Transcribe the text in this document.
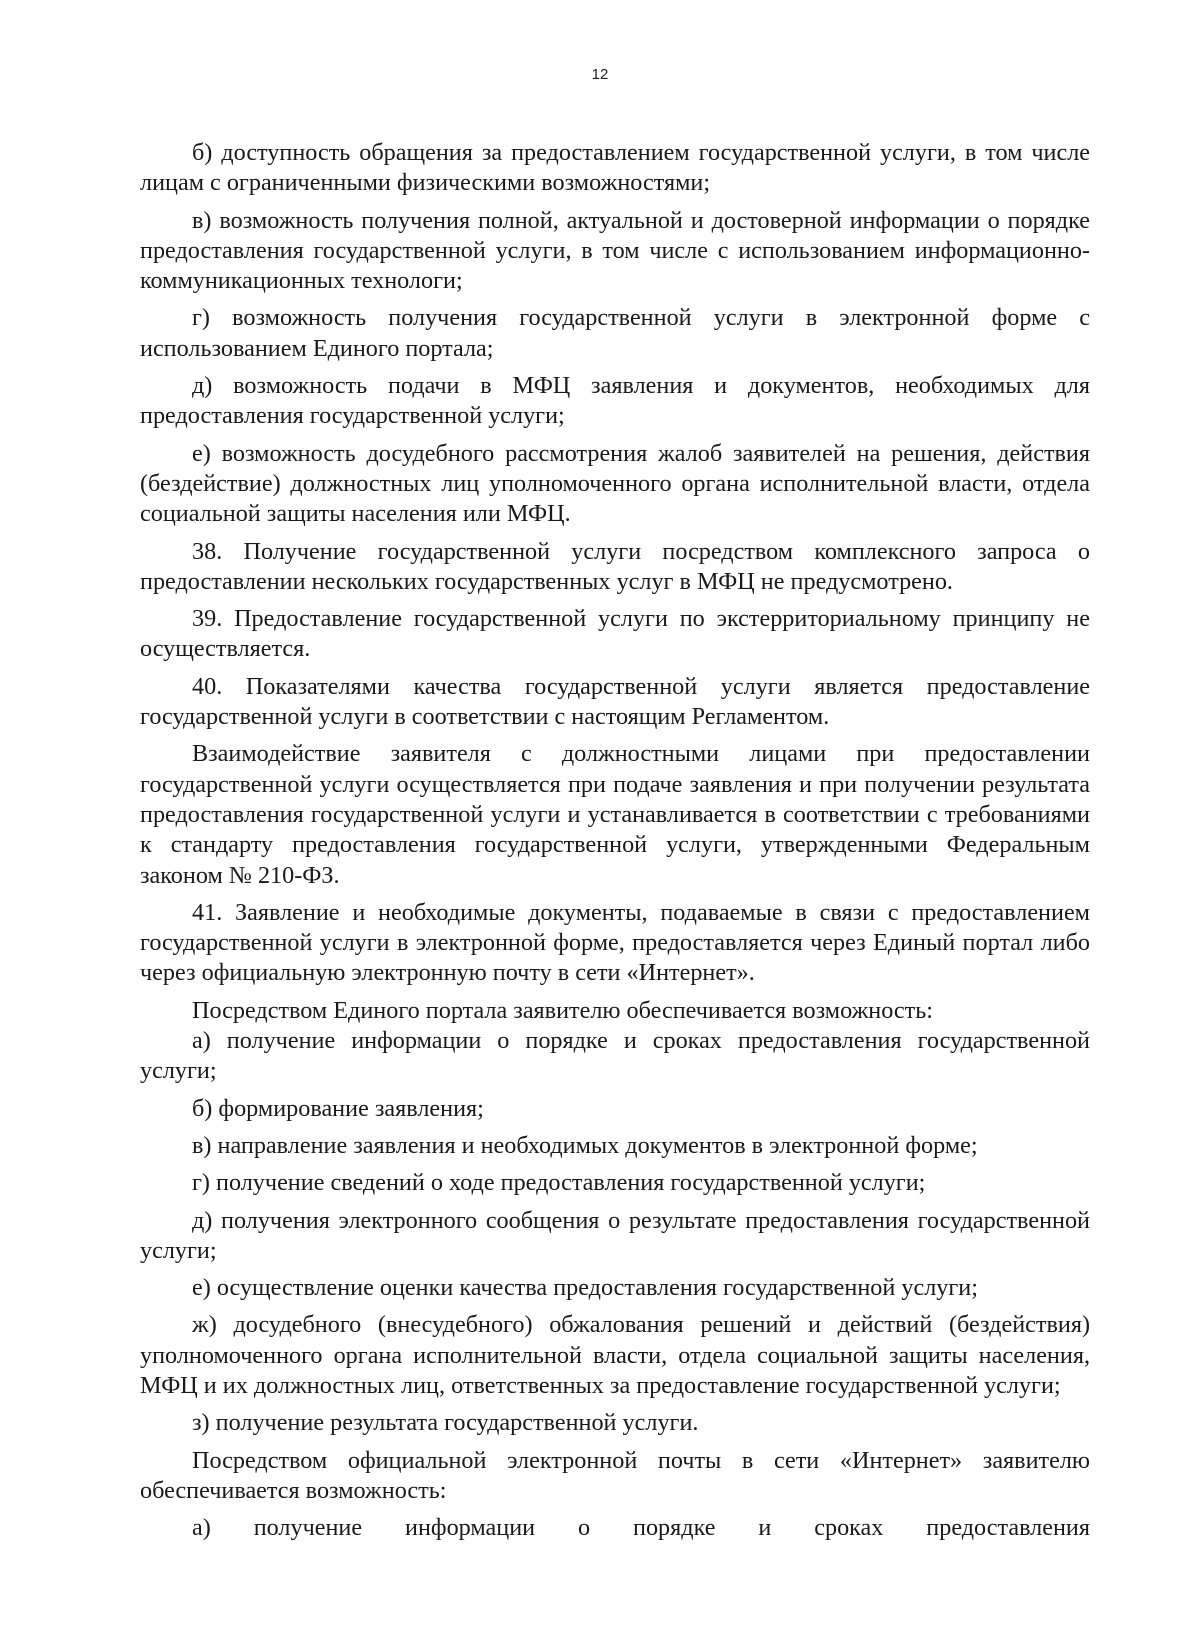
12

б) доступность обращения за предоставлением государственной услуги, в том числе лицам с ограниченными физическими возможностями;

в) возможность получения полной, актуальной и достоверной информации о порядке предоставления государственной услуги, в том числе с использованием информационно-коммуникационных технологи;

г) возможность получения государственной услуги в электронной форме с использованием Единого портала;

д) возможность подачи в МФЦ заявления и документов, необходимых для предоставления государственной услуги;

е) возможность досудебного рассмотрения жалоб заявителей на решения, действия (бездействие) должностных лиц уполномоченного органа исполнительной власти, отдела социальной защиты населения или МФЦ.

38. Получение государственной услуги посредством комплексного запроса о предоставлении нескольких государственных услуг в МФЦ не предусмотрено.

39. Предоставление государственной услуги по экстерриториальному принципу не осуществляется.

40. Показателями качества государственной услуги является предоставление государственной услуги в соответствии с настоящим Регламентом.

Взаимодействие заявителя с должностными лицами при предоставлении государственной услуги осуществляется при подаче заявления и при получении результата предоставления государственной услуги и устанавливается в соответствии с требованиями к стандарту предоставления государственной услуги, утвержденными Федеральным законом № 210-ФЗ.

41. Заявление и необходимые документы, подаваемые в связи с предоставлением государственной услуги в электронной форме, предоставляется через Единый портал либо через официальную электронную почту в сети «Интернет».

Посредством Единого портала заявителю обеспечивается возможность:

а) получение информации о порядке и сроках предоставления государственной услуги;

б) формирование заявления;

в) направление заявления и необходимых документов в электронной форме;

г) получение сведений о ходе предоставления государственной услуги;

д) получения электронного сообщения о результате предоставления государственной услуги;

е) осуществление оценки качества предоставления государственной услуги;

ж) досудебного (внесудебного) обжалования решений и действий (бездействия) уполномоченного органа исполнительной власти, отдела социальной защиты населения, МФЦ и их должностных лиц, ответственных за предоставление государственной услуги;

з) получение результата государственной услуги.

Посредством официальной электронной почты в сети «Интернет» заявителю обеспечивается возможность:

а) получение информации о порядке и сроках предоставления
